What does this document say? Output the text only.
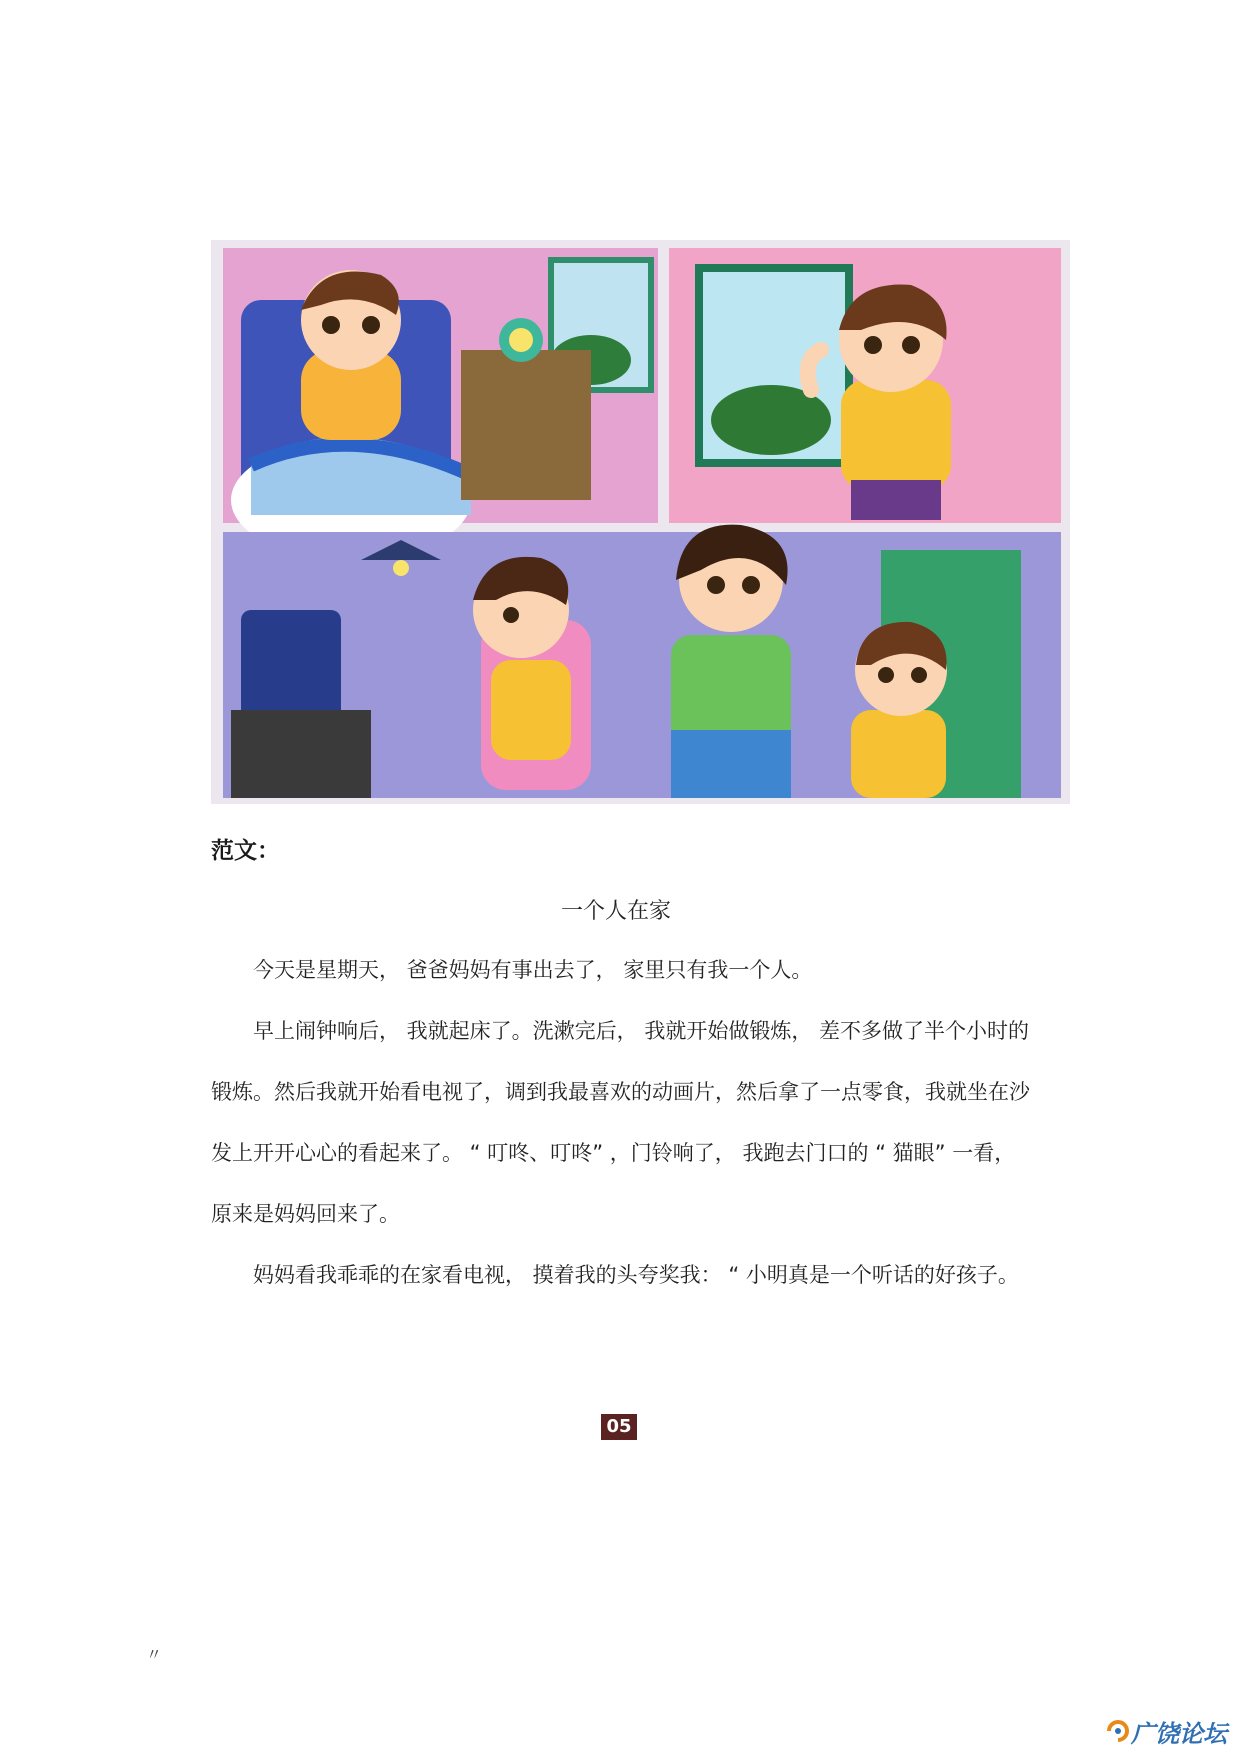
范文：
一个人在家

今天是星期天， 爸爸妈妈有事出去了， 家里只有我一个人。

早上闹钟响后， 我就起床了。洗漱完后， 我就开始做锻炼， 差不多做了半个小时的锻炼。然后我就开始看电视了，调到我最喜欢的动画片，然后拿了一点零食，我就坐在沙发上开开心心的看起来了。 “ 叮咚、叮咚” ，门铃响了， 我跑去门口的 “ 猫眼” 一看， 原来是妈妈回来了。

妈妈看我乖乖的在家看电视， 摸着我的头夸奖我： “ 小明真是一个听话的好孩子。

05
〃
广饶论坛
